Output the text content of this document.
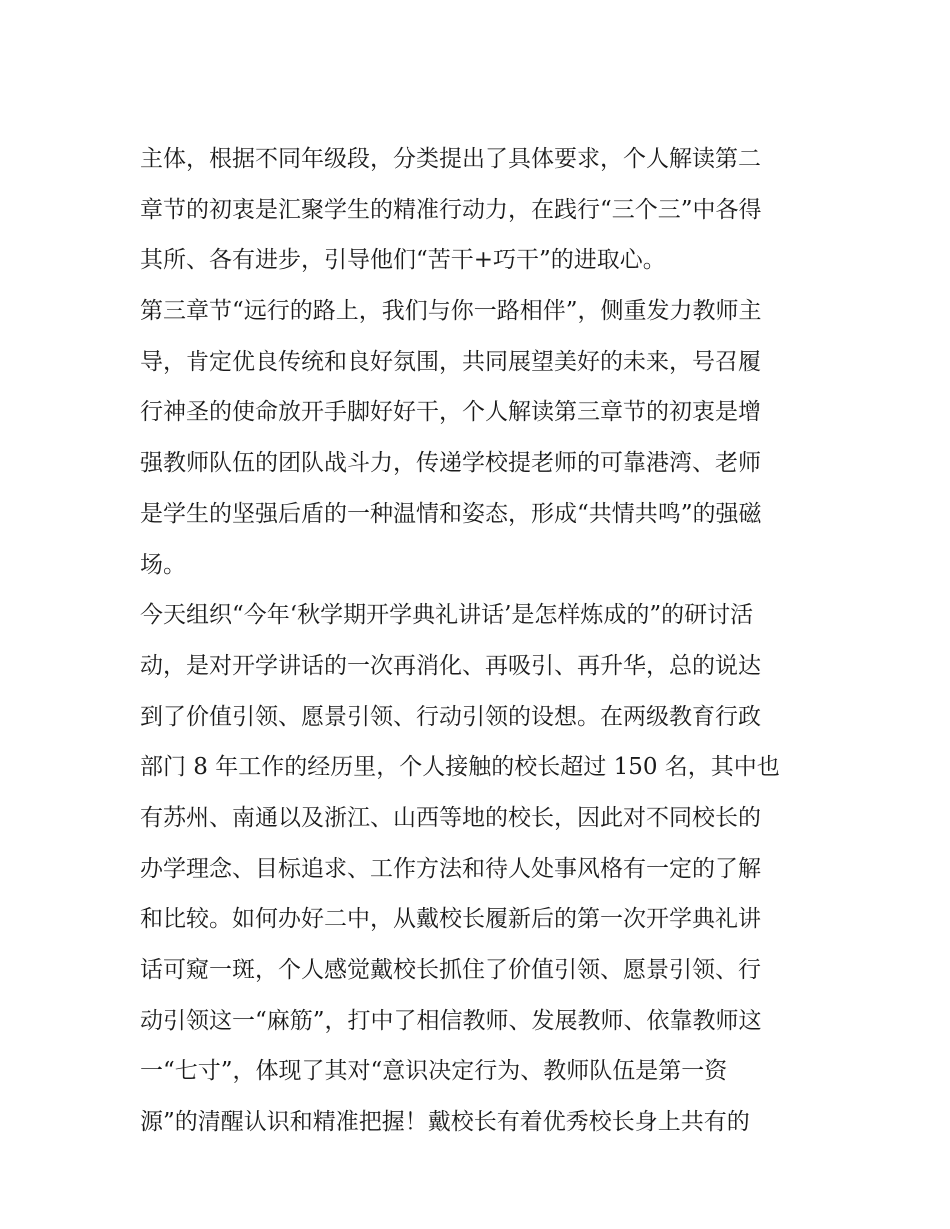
主体，根据不同年级段，分类提出了具体要求，个人解读第二
章节的初衷是汇聚学生的精准行动力，在践行“三个三”中各得
其所、各有进步，引导他们“苦干+巧干”的进取心。
第三章节“远行的路上，我们与你一路相伴”，侧重发力教师主
导，肯定优良传统和良好氛围，共同展望美好的未来，号召履
行神圣的使命放开手脚好好干，个人解读第三章节的初衷是增
强教师队伍的团队战斗力，传递学校提老师的可靠港湾、老师
是学生的坚强后盾的一种温情和姿态，形成“共情共鸣”的强磁
场。
今天组织“今年‘秋学期开学典礼讲话’是怎样炼成的”的研讨活
动，是对开学讲话的一次再消化、再吸引、再升华，总的说达
到了价值引领、愿景引领、行动引领的设想。在两级教育行政
部门 8 年工作的经历里，个人接触的校长超过 150 名，其中也
有苏州、南通以及浙江、山西等地的校长，因此对不同校长的
办学理念、目标追求、工作方法和待人处事风格有一定的了解
和比较。如何办好二中，从戴校长履新后的第一次开学典礼讲
话可窥一斑，个人感觉戴校长抓住了价值引领、愿景引领、行
动引领这一“麻筋”，打中了相信教师、发展教师、依靠教师这
一“七寸”，体现了其对“意识决定行为、教师队伍是第一资
源”的清醒认识和精准把握！戴校长有着优秀校长身上共有的
